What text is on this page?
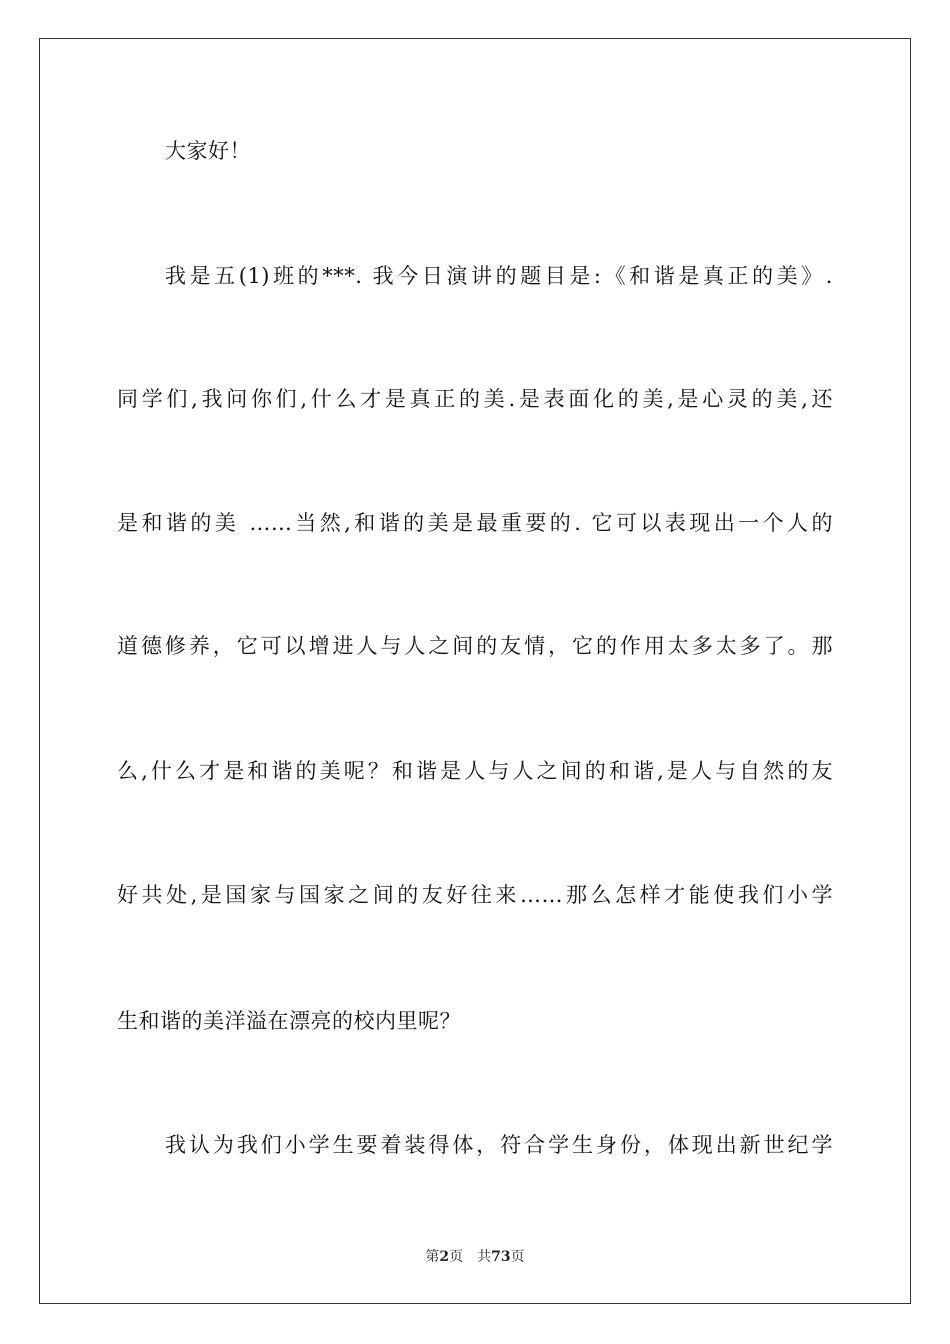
大家好！
我是五(1)班的***. 我今日演讲的题目是:《和谐是真正的美》.
同学们,我问你们,什么才是真正的美.是表面化的美,是心灵的美,还
是和谐的美 ……当然,和谐的美是最重要的. 它可以表现出一个人的
道德修养，它可以增进人与人之间的友情，它的作用太多太多了。那
么,什么才是和谐的美呢？和谐是人与人之间的和谐,是人与自然的友
好共处,是国家与国家之间的友好往来……那么怎样才能使我们小学
生和谐的美洋溢在漂亮的校内里呢？
我认为我们小学生要着装得体，符合学生身份，体现出新世纪学
第2页 共73页
